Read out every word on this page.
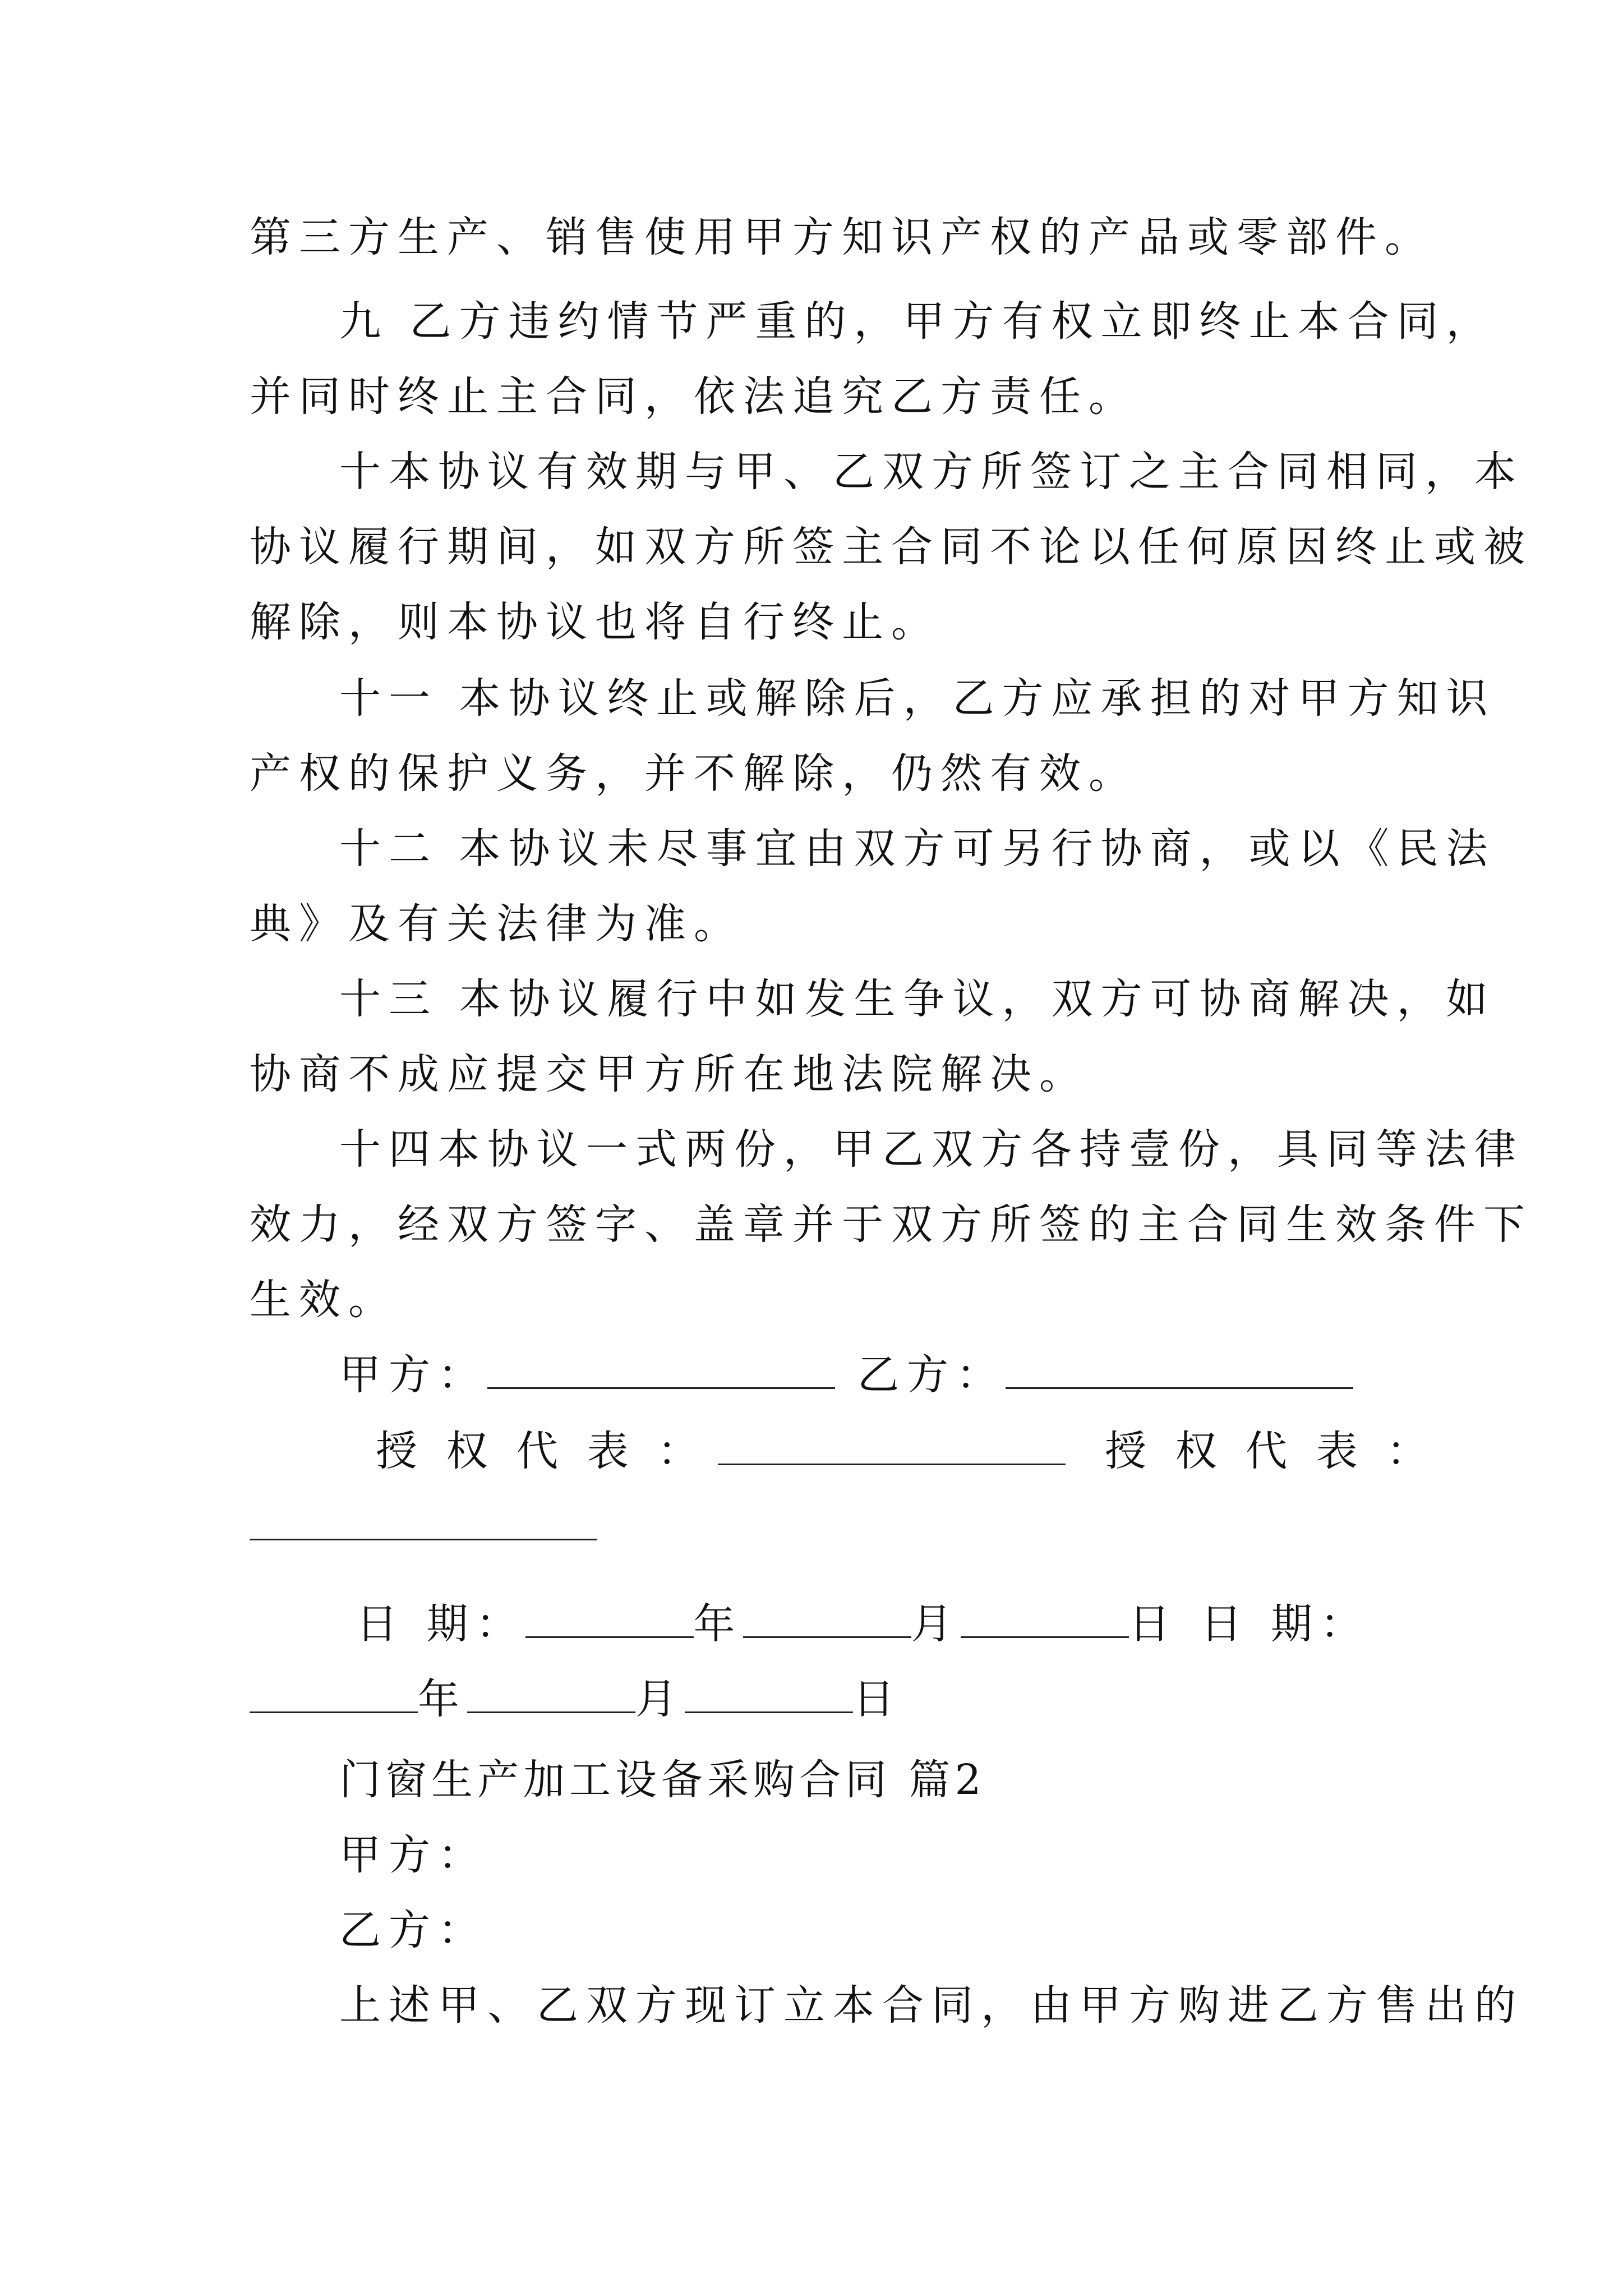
第三方生产、销售使用甲方知识产权的产品或零部件。
九 乙方违约情节严重的，甲方有权立即终止本合同，
并同时终止主合同，依法追究乙方责任。
十本协议有效期与甲、乙双方所签订之主合同相同，本
协议履行期间，如双方所签主合同不论以任何原因终止或被
解除，则本协议也将自行终止。
十一 本协议终止或解除后，乙方应承担的对甲方知识
产权的保护义务，并不解除，仍然有效。
十二 本协议未尽事宜由双方可另行协商，或以《民法
典》及有关法律为准。
十三 本协议履行中如发生争议，双方可协商解决，如
协商不成应提交甲方所在地法院解决。
十四本协议一式两份，甲乙双方各持壹份，具同等法律
效力，经双方签字、盖章并于双方所签的主合同生效条件下
生效。
甲方：	乙方：
授 权 代 表 ：	授 权 代 表 ：
日 期：	年	月	日 日 期：
年	月	日
门窗生产加工设备采购合同 篇2
甲方：
乙方：
上述甲、乙双方现订立本合同，由甲方购进乙方售出的
